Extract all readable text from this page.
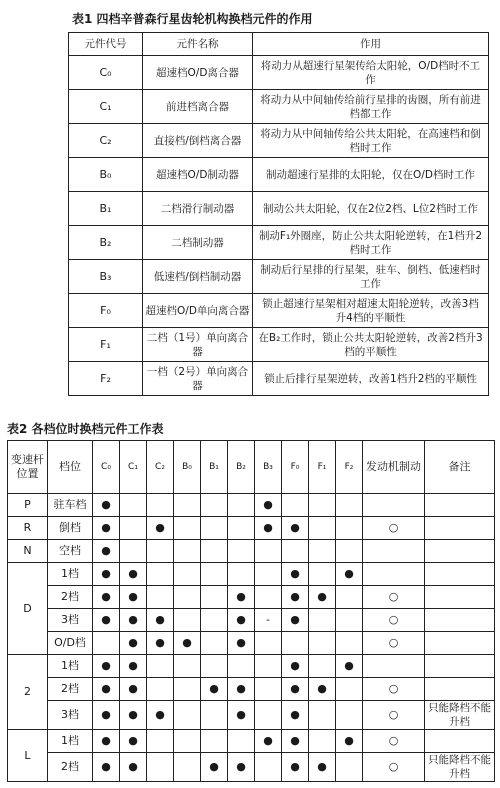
表1 四档辛普森行星齿轮机构换档元件的作用
元件代号	元件名称	作用
C₀	超速档O/D离合器	将动力从超速行星架传给太阳轮，O/D档时不工作
C₁	前进档离合器	将动力从中间轴传给前行星排的齿圈，所有前进档都工作
C₂	直接档/倒档离合器	将动力从中间轴传给公共太阳轮，在高速档和倒档时工作
B₀	超速档O/D制动器	制动超速行星排的太阳轮，仅在O/D档时工作
B₁	二档滑行制动器	制动公共太阳轮，仅在2位2档、L位2档时工作
B₂	二档制动器	制动F₁外圈座，防止公共太阳轮逆转，在1档升2档时工作
B₃	低速档/倒档制动器	制动后行星排的行星架，驻车、倒档、低速档时工作
F₀	超速档O/D单向离合器	锁止超速行星架相对超速太阳轮逆转，改善3档升4档的平顺性
F₁	二档（1号）单向离合器	在B₂工作时，锁止公共太阳轮逆转，改善2档升3档的平顺性
F₂	一档（2号）单向离合器	锁止后排行星架逆转，改善1档升2档的平顺性
表2 各档位时换档元件工作表
变速杆位置	档位	C₀	C₁	C₂	B₀	B₁	B₂	B₃	F₀	F₁	F₂	发动机制动	备注
P	驻车档	●						●					
R	倒档	●		●				●	●			○	
N	空档	●											
D	1档	●	●						●		●		
	2档	●	●				●		●	●		○	
	3档	●	●	●			●	-	●			○	
	O/D档		●	●	●		●					○	
2	1档	●	●						●		●		
	2档	●	●			●	●		●	●		○	
	3档	●	●	●			●		●			○	只能降档不能升档
L	1档	●	●					●	●		●	○	
	2档	●	●			●	●		●	●		○	只能降档不能升档
